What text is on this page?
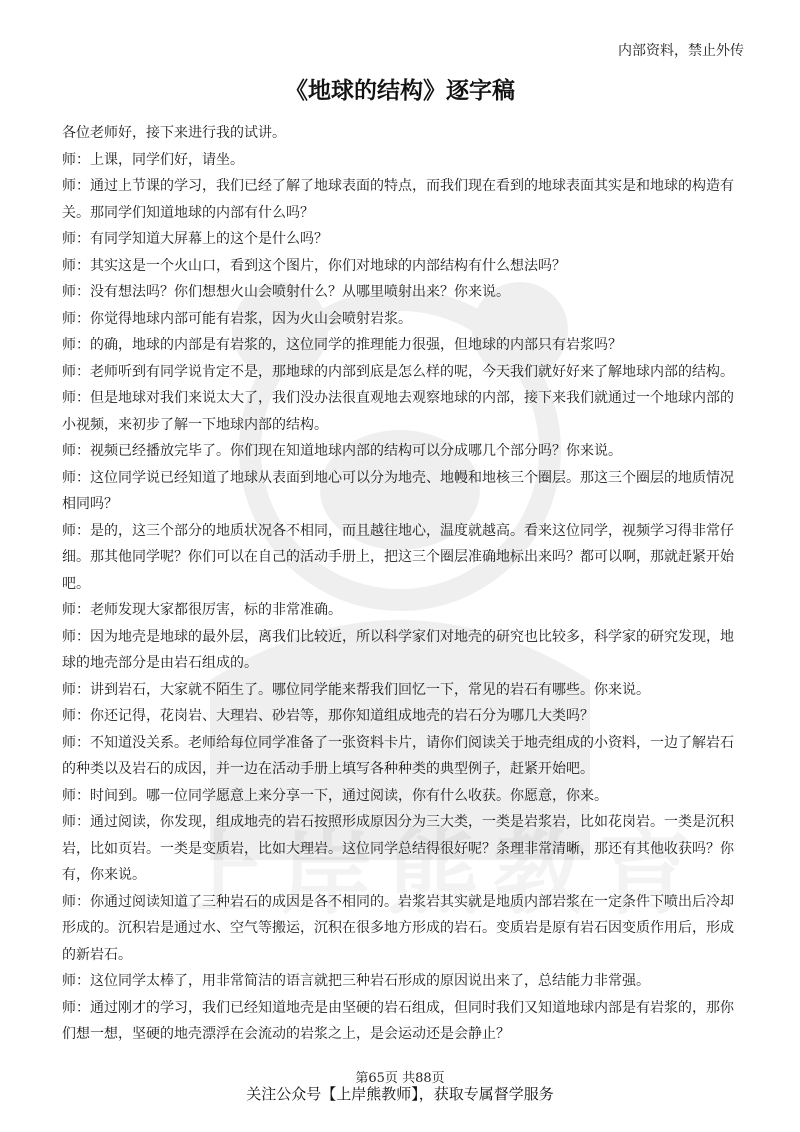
内部资料，禁止外传
《地球的结构》逐字稿

各位老师好，接下来进行我的试讲。

师：上课，同学们好，请坐。

师：通过上节课的学习，我们已经了解了地球表面的特点，而我们现在看到的地球表面其实是和地球的构造有关。那同学们知道地球的内部有什么吗？

师：有同学知道大屏幕上的这个是什么吗？

师：其实这是一个火山口，看到这个图片，你们对地球的内部结构有什么想法吗？

师：没有想法吗？你们想想火山会喷射什么？从哪里喷射出来？你来说。

师：你觉得地球内部可能有岩浆，因为火山会喷射岩浆。

师：的确，地球的内部是有岩浆的，这位同学的推理能力很强，但地球的内部只有岩浆吗？

师：老师听到有同学说肯定不是，那地球的内部到底是怎么样的呢，今天我们就好好来了解地球内部的结构。

师：但是地球对我们来说太大了，我们没办法很直观地去观察地球的内部，接下来我们就通过一个地球内部的小视频，来初步了解一下地球内部的结构。

师：视频已经播放完毕了。你们现在知道地球内部的结构可以分成哪几个部分吗？你来说。

师：这位同学说已经知道了地球从表面到地心可以分为地壳、地幔和地核三个圈层。那这三个圈层的地质情况相同吗？

师：是的，这三个部分的地质状况各不相同，而且越往地心，温度就越高。看来这位同学，视频学习得非常仔细。那其他同学呢？你们可以在自己的活动手册上，把这三个圈层准确地标出来吗？都可以啊，那就赶紧开始吧。

师：老师发现大家都很厉害，标的非常准确。

师：因为地壳是地球的最外层，离我们比较近，所以科学家们对地壳的研究也比较多，科学家的研究发现，地球的地壳部分是由岩石组成的。

师：讲到岩石，大家就不陌生了。哪位同学能来帮我们回忆一下，常见的岩石有哪些。你来说。

师：你还记得，花岗岩、大理岩、砂岩等，那你知道组成地壳的岩石分为哪几大类吗？

师：不知道没关系。老师给每位同学准备了一张资料卡片，请你们阅读关于地壳组成的小资料，一边了解岩石的种类以及岩石的成因，并一边在活动手册上填写各种种类的典型例子，赶紧开始吧。

师：时间到。哪一位同学愿意上来分享一下，通过阅读，你有什么收获。你愿意，你来。

师：通过阅读，你发现，组成地壳的岩石按照形成原因分为三大类，一类是岩浆岩，比如花岗岩。一类是沉积岩，比如页岩。一类是变质岩，比如大理岩。这位同学总结得很好呢？条理非常清晰，那还有其他收获吗？你有，你来说。

师：你通过阅读知道了三种岩石的成因是各不相同的。岩浆岩其实就是地质内部岩浆在一定条件下喷出后冷却形成的。沉积岩是通过水、空气等搬运，沉积在很多地方形成的岩石。变质岩是原有岩石因变质作用后，形成的新岩石。

师：这位同学太棒了，用非常简洁的语言就把三种岩石形成的原因说出来了，总结能力非常强。

师：通过刚才的学习，我们已经知道地壳是由坚硬的岩石组成，但同时我们又知道地球内部是有岩浆的，那你们想一想，坚硬的地壳漂浮在会流动的岩浆之上，是会运动还是会静止？

第65页 共88页
关注公众号【上岸熊教师】，获取专属督学服务
